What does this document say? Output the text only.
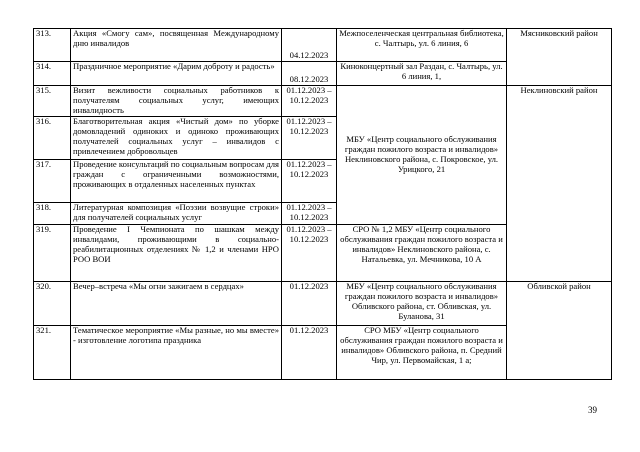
313.	Акция «Смогу сам», посвященная Международному дню инвалидов	04.12.2023	Межпоселенческая центральная библиотека, с. Чалтырь, ул. 6 линия, 6	Мясниковский район
314.	Праздничное мероприятие «Дарим доброту и радость»	08.12.2023	Киноконцертный зал Раздан, с. Чалтырь, ул. 6 линия, 1,	
315.	Визит вежливости социальных работников к получателям социальных услуг, имеющих инвалидность	01.12.2023 – 10.12.2023	МБУ «Центр социального обслуживания граждан пожилого возраста и инвалидов» Неклиновского района, с. Покровское, ул. Урицкого, 21	Неклиновский район
316.	Благотворительная акция «Чистый дом» по уборке домовладений одиноких и одиноко проживающих получателей социальных услуг – инвалидов с привлечением добровольцев	01.12.2023 – 10.12.2023		
317.	Проведение консультаций по социальным вопросам для граждан с ограниченными возможностями, проживающих в отдаленных населенных пунктах	01.12.2023 – 10.12.2023		
318.	Литературная композиция «Поэзии возвущие строки» для получателей социальных услуг	01.12.2023 – 10.12.2023		
319.	Проведение I Чемпионата по шашкам между инвалидами, проживающими в социально-реабилитационных отделениях № 1,2 и членами НРО РОО ВОИ	01.12.2023 – 10.12.2023	СРО № 1,2 МБУ «Центр социального обслуживания граждан пожилого возраста и инвалидов» Неклиновского района, с. Натальевка, ул. Мечникова, 10 А	
320.	Вечер–встреча «Мы огни зажигаем в сердцах»	01.12.2023	МБУ «Центр социального обслуживания граждан пожилого возраста и инвалидов» Обливского района, ст. Обливская, ул. Буланова, 31	Обливской район
321.	Тематическое мероприятие «Мы разные, но мы вместе» - изготовление логотипа праздника	01.12.2023	СРО МБУ «Центр социального обслуживания граждан пожилого возраста и инвалидов» Обливского района, п. Средний Чир, ул. Первомайская, 1 а;	
39
